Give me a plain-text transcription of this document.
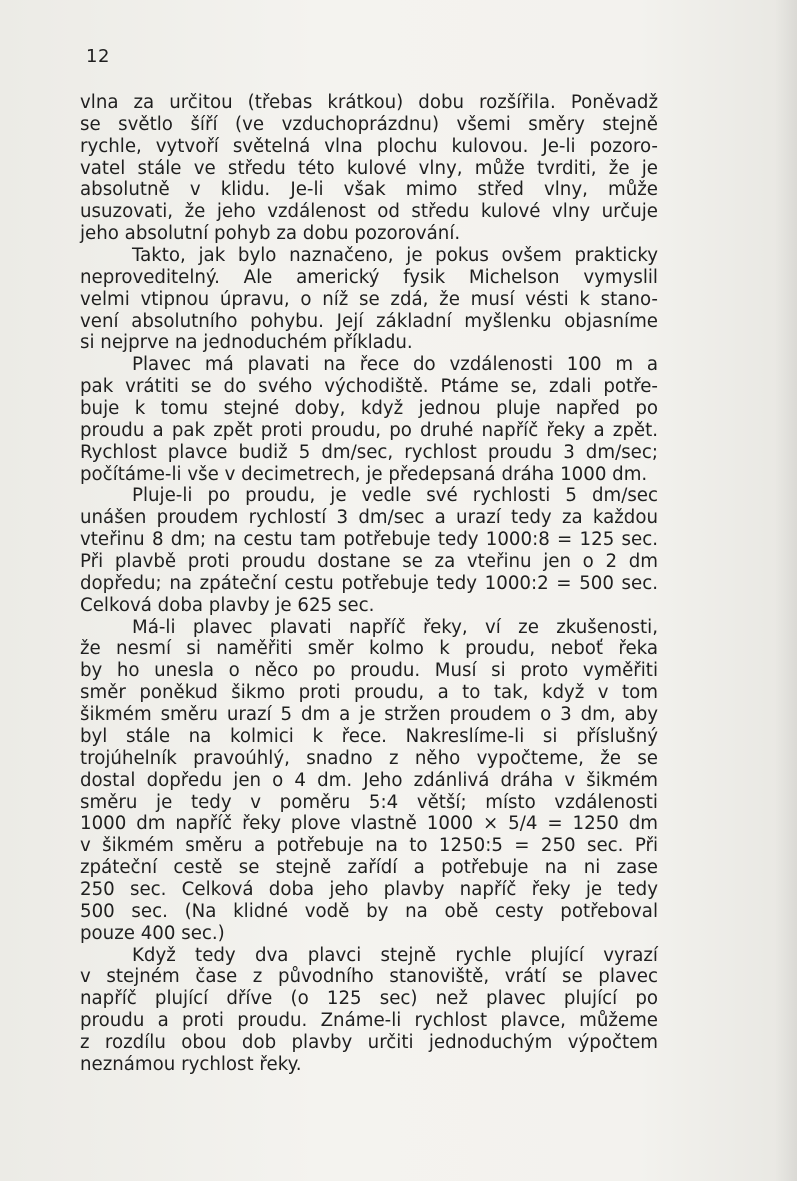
12
vlna za určitou (třebas krátkou) dobu rozšířila. Poněvadž
se světlo šíří (ve vzduchoprázdnu) všemi směry stejně
rychle, vytvoří světelná vlna plochu kulovou. Je-li pozoro-
vatel stále ve středu této kulové vlny, může tvrditi, že je
absolutně v klidu. Je-li však mimo střed vlny, může
usuzovati, že jeho vzdálenost od středu kulové vlny určuje
jeho absolutní pohyb za dobu pozorování.
Takto, jak bylo naznačeno, je pokus ovšem prakticky
neproveditelný. Ale americký fysik Michelson vymyslil
velmi vtipnou úpravu, o níž se zdá, že musí vésti k stano-
vení absolutního pohybu. Její základní myšlenku objasníme
si nejprve na jednoduchém příkladu.
Plavec má plavati na řece do vzdálenosti 100 m a
pak vrátiti se do svého východiště. Ptáme se, zdali potře-
buje k tomu stejné doby, když jednou pluje napřed po
proudu a pak zpět proti proudu, po druhé napříč řeky a zpět.
Rychlost plavce budiž 5 dm/sec, rychlost proudu 3 dm/sec;
počítáme-li vše v decimetrech, je předepsaná dráha 1000 dm.
Pluje-li po proudu, je vedle své rychlosti 5 dm/sec
unášen proudem rychlostí 3 dm/sec a urazí tedy za každou
vteřinu 8 dm; na cestu tam potřebuje tedy 1000:8 = 125 sec.
Při plavbě proti proudu dostane se za vteřinu jen o 2 dm
dopředu; na zpáteční cestu potřebuje tedy 1000:2 = 500 sec.
Celková doba plavby je 625 sec.
Má-li plavec plavati napříč řeky, ví ze zkušenosti,
že nesmí si naměřiti směr kolmo k proudu, neboť řeka
by ho unesla o něco po proudu. Musí si proto vyměřiti
směr poněkud šikmo proti proudu, a to tak, když v tom
šikmém směru urazí 5 dm a je stržen proudem o 3 dm, aby
byl stále na kolmici k řece. Nakreslíme-li si příslušný
trojúhelník pravoúhlý, snadno z něho vypočteme, že se
dostal dopředu jen o 4 dm. Jeho zdánlivá dráha v šikmém
směru je tedy v poměru 5:4 větší; místo vzdálenosti
1000 dm napříč řeky plove vlastně 1000 × 5/4 = 1250 dm
v šikmém směru a potřebuje na to 1250:5 = 250 sec. Při
zpáteční cestě se stejně zařídí a potřebuje na ni zase
250 sec. Celková doba jeho plavby napříč řeky je tedy
500 sec. (Na klidné vodě by na obě cesty potřeboval
pouze 400 sec.)
Když tedy dva plavci stejně rychle plující vyrazí
v stejném čase z původního stanoviště, vrátí se plavec
napříč plující dříve (o 125 sec) než plavec plující po
proudu a proti proudu. Známe-li rychlost plavce, můžeme
z rozdílu obou dob plavby určiti jednoduchým výpočtem
neznámou rychlost řeky.
